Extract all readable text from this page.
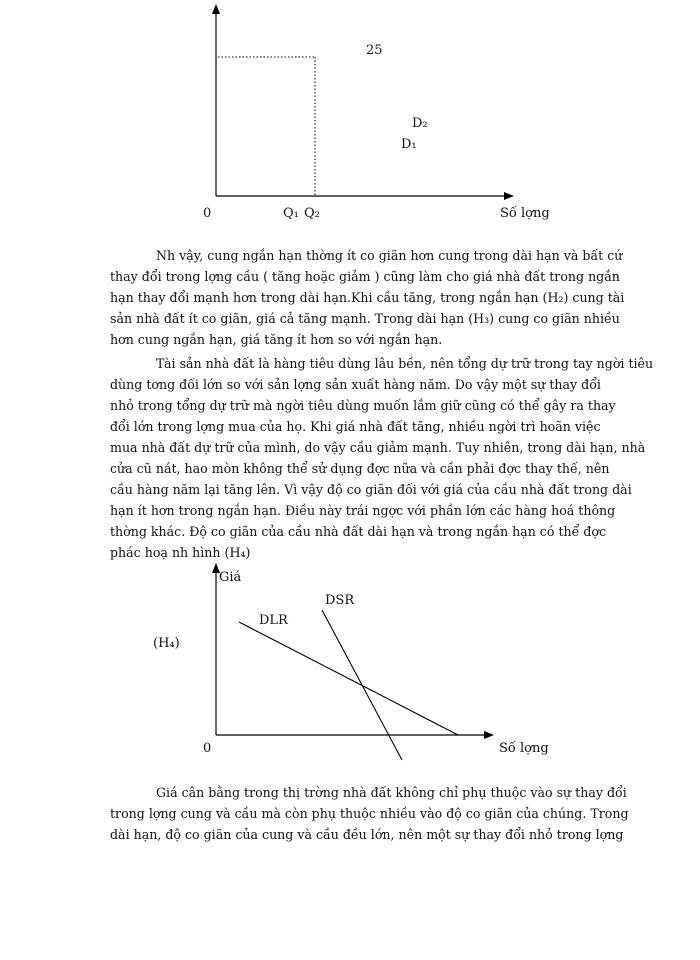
25
D₂
D₁
0	Q₁ Q₂	Số lợng
Nh vậy, cung ngắn hạn thờng ít co giãn hơn cung trong dài hạn và bất cứ
thay đổi trong lợng cầu ( tăng hoặc giảm ) cũng làm cho giá nhà đất trong ngắn
hạn thay đổi mạnh hơn trong dài hạn.Khi cầu tăng, trong ngắn hạn (H₂) cung tài
sản nhà đất ít co giãn, giá cả tăng mạnh. Trong dài hạn (H₃) cung co giãn nhiều
hơn cung ngắn hạn, giá tăng ít hơn so với ngắn hạn.
Tài sản nhà đất là hàng tiêu dùng lâu bền, nên tổng dự trữ trong tay ngời tiêu
dùng tơng đối lớn so với sản lợng sản xuất hàng năm. Do vậy một sự thay đổi
nhỏ trong tổng dự trữ mà ngời tiêu dùng muốn lắm giữ cũng có thể gây ra thay
đổi lớn trong lợng mua của họ. Khi giá nhà đất tăng, nhiều ngời trì hoãn việc
mua nhà đất dự trữ của mình, do vậy cầu giảm mạnh. Tuy nhiên, trong dài hạn, nhà
cửa cũ nát, hao mòn không thể sử dụng đợc nữa và cần phải đợc thay thế, nên
cầu hàng năm lại tăng lên. Vì vậy độ co giãn đối với giá của cầu nhà đất trong dài
hạn ít hơn trong ngắn hạn. Điều này trái ngợc với phần lớn các hàng hoá thông
thờng khác. Độ co giãn của cầu nhà đất dài hạn và trong ngắn hạn có thể đợc
phác hoạ nh hình (H₄)
Giá
DSR
DLR
(H₄)
0	Số lợng
Giá cân bằng trong thị trờng nhà đất không chỉ phụ thuộc vào sự thay đổi
trong lợng cung và cầu mà còn phụ thuộc nhiều vào độ co giãn của chúng. Trong
dài hạn, độ co giãn của cung và cầu đều lớn, nên một sự thay đổi nhỏ trong lợng
